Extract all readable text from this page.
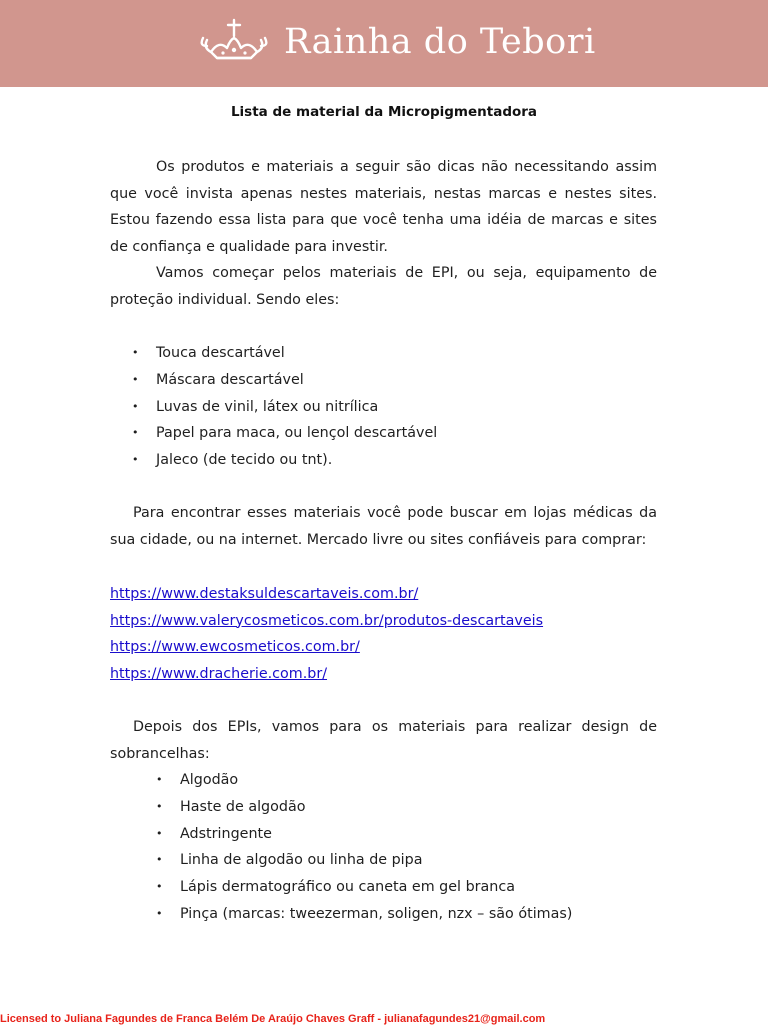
Rainha do Tebori
Lista de material da Micropigmentadora

Os produtos e materiais a seguir são dicas não necessitando assim que você invista apenas nestes materiais, nestas marcas e nestes sites. Estou fazendo essa lista para que você tenha uma idéia de marcas e sites de confiança e qualidade para investir.

Vamos começar pelos materiais de EPI, ou seja, equipamento de proteção individual. Sendo eles:

• Touca descartável
• Máscara descartável
• Luvas de vinil, látex ou nitrílica
• Papel para maca, ou lençol descartável
• Jaleco (de tecido ou tnt).

Para encontrar esses materiais você pode buscar em lojas médicas da sua cidade, ou na internet. Mercado livre ou sites confiáveis para comprar:

https://www.destaksuldescartaveis.com.br/
https://www.valerycosmeticos.com.br/produtos-descartaveis
https://www.ewcosmeticos.com.br/
https://www.dracherie.com.br/

Depois dos EPIs, vamos para os materiais para realizar design de sobrancelhas:

• Algodão
• Haste de algodão
• Adstringente
• Linha de algodão ou linha de pipa
• Lápis dermatográfico ou caneta em gel branca
• Pinça (marcas: tweezerman, soligen, nzx – são ótimas)
Licensed to Juliana Fagundes de Franca Belém De Araújo Chaves Graff - julianafagundes21@gmail.com
